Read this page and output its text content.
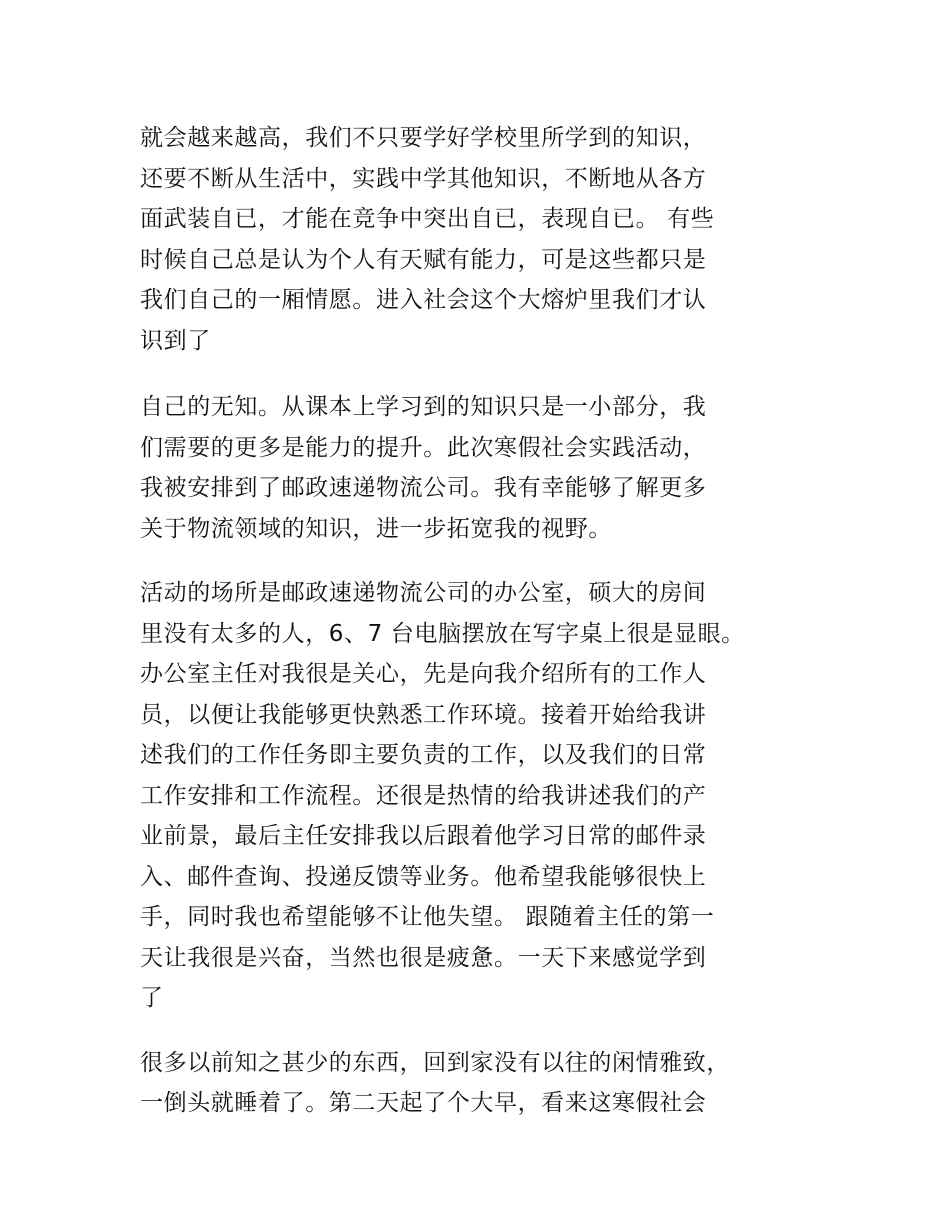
就会越来越高，我们不只要学好学校里所学到的知识，
还要不断从生活中，实践中学其他知识，不断地从各方
面武装自已，才能在竞争中突出自已，表现自已。 有些
时候自己总是认为个人有天赋有能力，可是这些都只是
我们自己的一厢情愿。进入社会这个大熔炉里我们才认
识到了

自己的无知。从课本上学习到的知识只是一小部分，我
们需要的更多是能力的提升。此次寒假社会实践活动，
我被安排到了邮政速递物流公司。我有幸能够了解更多
关于物流领域的知识，进一步拓宽我的视野。

活动的场所是邮政速递物流公司的办公室，硕大的房间
里没有太多的人，6、7 台电脑摆放在写字桌上很是显眼。
办公室主任对我很是关心，先是向我介绍所有的工作人
员，以便让我能够更快熟悉工作环境。接着开始给我讲
述我们的工作任务即主要负责的工作，以及我们的日常
工作安排和工作流程。还很是热情的给我讲述我们的产
业前景，最后主任安排我以后跟着他学习日常的邮件录
入、邮件查询、投递反馈等业务。他希望我能够很快上
手，同时我也希望能够不让他失望。 跟随着主任的第一
天让我很是兴奋，当然也很是疲惫。一天下来感觉学到
了

很多以前知之甚少的东西，回到家没有以往的闲情雅致，
一倒头就睡着了。第二天起了个大早，看来这寒假社会
